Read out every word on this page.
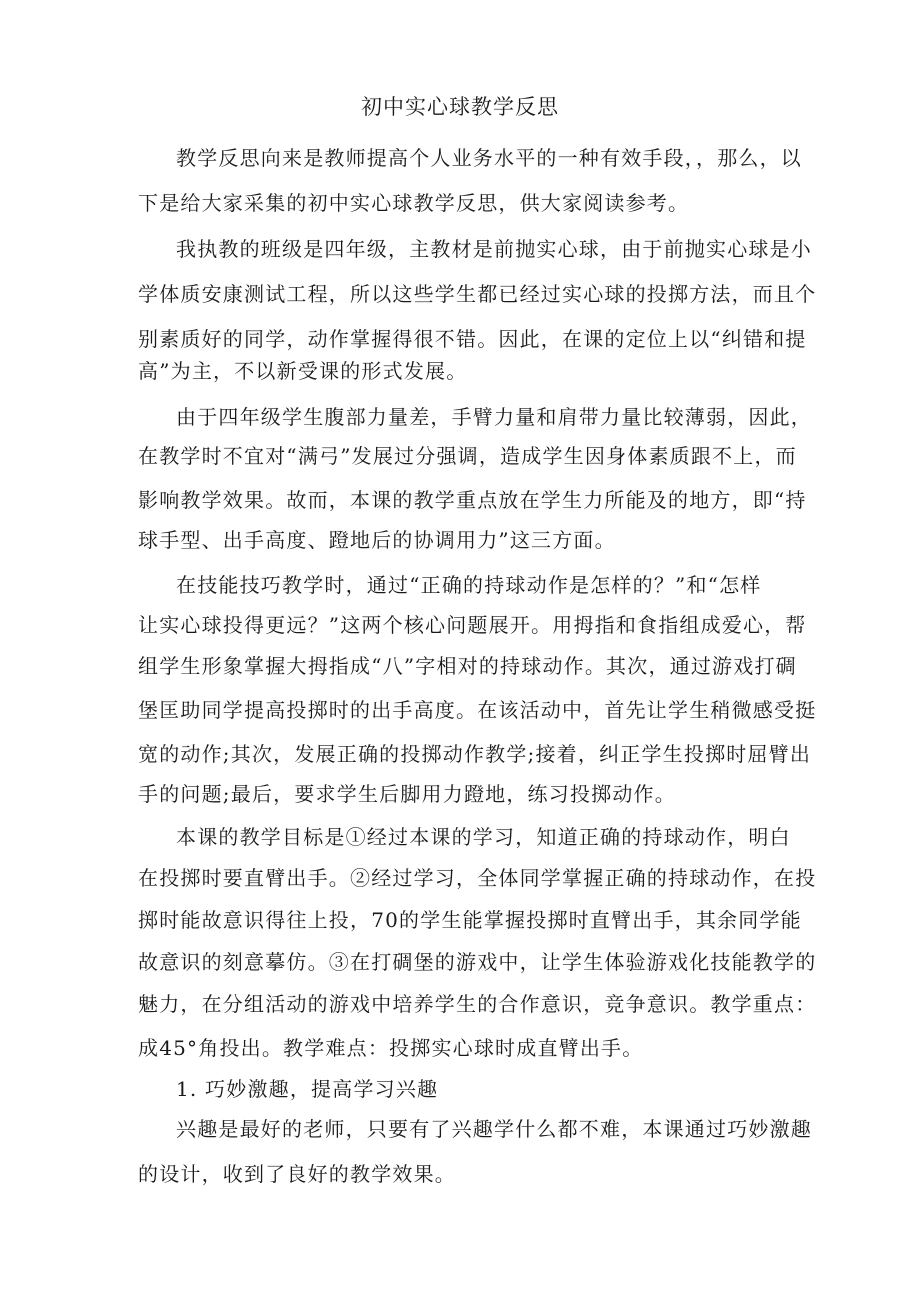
初中实心球教学反思
教学反思向来是教师提高个人业务水平的一种有效手段，，那么，以
下是给大家采集的初中实心球教学反思，供大家阅读参考。
我执教的班级是四年级，主教材是前抛实心球，由于前抛实心球是小
学体质安康测试工程，所以这些学生都已经过实心球的投掷方法，而且个
别素质好的同学，动作掌握得很不错。因此，在课的定位上以“纠错和提
高”为主，不以新受课的形式发展。
由于四年级学生腹部力量差，手臂力量和肩带力量比较薄弱，因此，
在教学时不宜对“满弓”发展过分强调，造成学生因身体素质跟不上，而
影响教学效果。故而，本课的教学重点放在学生力所能及的地方，即“持
球手型、出手高度、蹬地后的协调用力”这三方面。
在技能技巧教学时，通过“正确的持球动作是怎样的？”和“怎样
让实心球投得更远？”这两个核心问题展开。用拇指和食指组成爱心，帮
组学生形象掌握大拇指成“八”字相对的持球动作。其次，通过游戏打碉
堡匡助同学提高投掷时的出手高度。在该活动中，首先让学生稍微感受挺
宽的动作;其次，发展正确的投掷动作教学;接着，纠正学生投掷时屈臂出
手的问题;最后，要求学生后脚用力蹬地，练习投掷动作。
本课的教学目标是①经过本课的学习，知道正确的持球动作，明白
在投掷时要直臂出手。②经过学习，全体同学掌握正确的持球动作，在投
掷时能故意识得往上投，70的学生能掌握投掷时直臂出手，其余同学能
故意识的刻意摹仿。③在打碉堡的游戏中，让学生体验游戏化技能教学的
魅力，在分组活动的游戏中培养学生的合作意识，竞争意识。教学重点：
成45°角投出。教学难点：投掷实心球时成直臂出手。
1. 巧妙激趣，提高学习兴趣
兴趣是最好的老师，只要有了兴趣学什么都不难，本课通过巧妙激趣
的设计，收到了良好的教学效果。
